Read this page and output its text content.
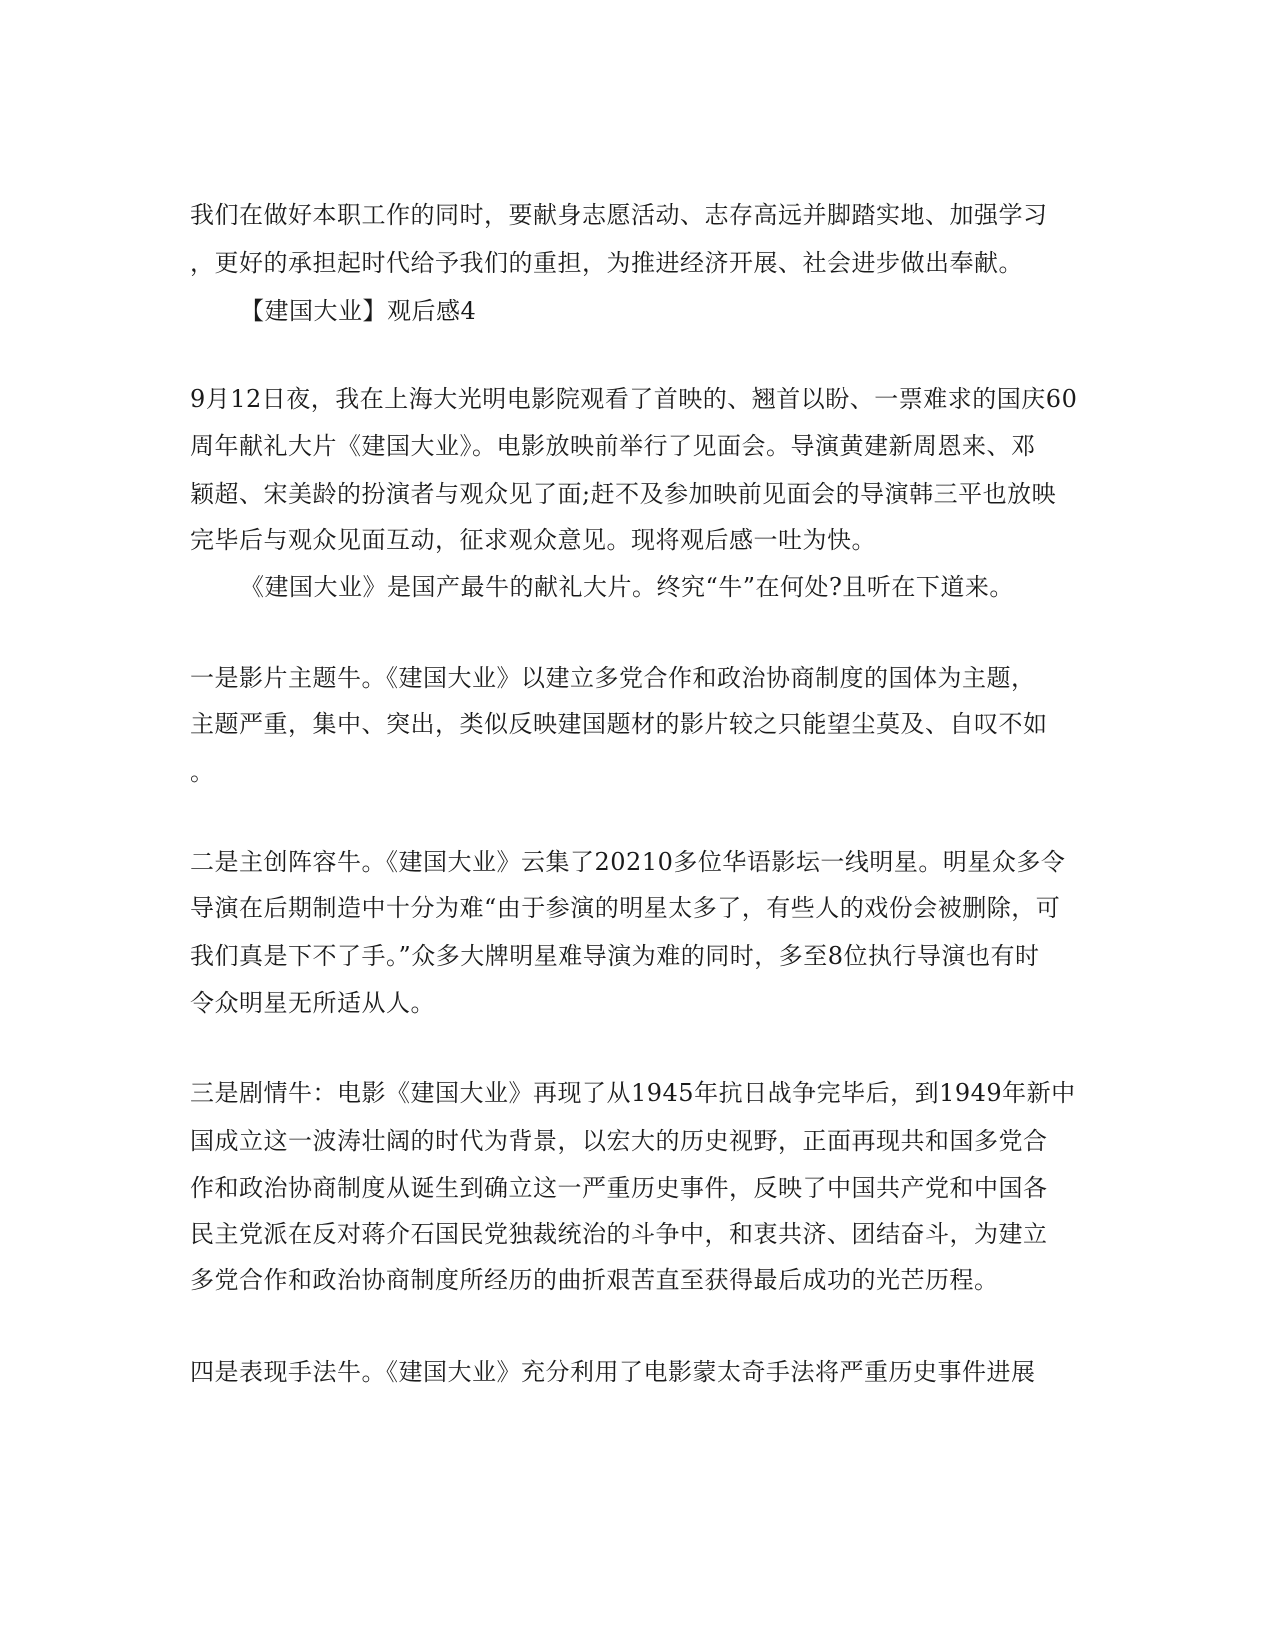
我们在做好本职工作的同时，要献身志愿活动、志存高远并脚踏实地、加强学习
，更好的承担起时代给予我们的重担，为推进经济开展、社会进步做出奉献。
【建国大业】观后感4
9月12日夜，我在上海大光明电影院观看了首映的、翘首以盼、一票难求的国庆60
周年献礼大片《建国大业》。电影放映前举行了见面会。导演黄建新周恩来、邓
颖超、宋美龄的扮演者与观众见了面;赶不及参加映前见面会的导演韩三平也放映
完毕后与观众见面互动，征求观众意见。现将观后感一吐为快。
《建国大业》是国产最牛的献礼大片。终究“牛”在何处?且听在下道来。
一是影片主题牛。《建国大业》以建立多党合作和政治协商制度的国体为主题，
主题严重，集中、突出，类似反映建国题材的影片较之只能望尘莫及、自叹不如
。
二是主创阵容牛。《建国大业》云集了20210多位华语影坛一线明星。明星众多令
导演在后期制造中十分为难“由于参演的明星太多了，有些人的戏份会被删除，可
我们真是下不了手。”众多大牌明星难导演为难的同时，多至8位执行导演也有时
令众明星无所适从人。
三是剧情牛：电影《建国大业》再现了从1945年抗日战争完毕后，到1949年新中
国成立这一波涛壮阔的时代为背景，以宏大的历史视野，正面再现共和国多党合
作和政治协商制度从诞生到确立这一严重历史事件，反映了中国共产党和中国各
民主党派在反对蒋介石国民党独裁统治的斗争中，和衷共济、团结奋斗，为建立
多党合作和政治协商制度所经历的曲折艰苦直至获得最后成功的光芒历程。
四是表现手法牛。《建国大业》充分利用了电影蒙太奇手法将严重历史事件进展
